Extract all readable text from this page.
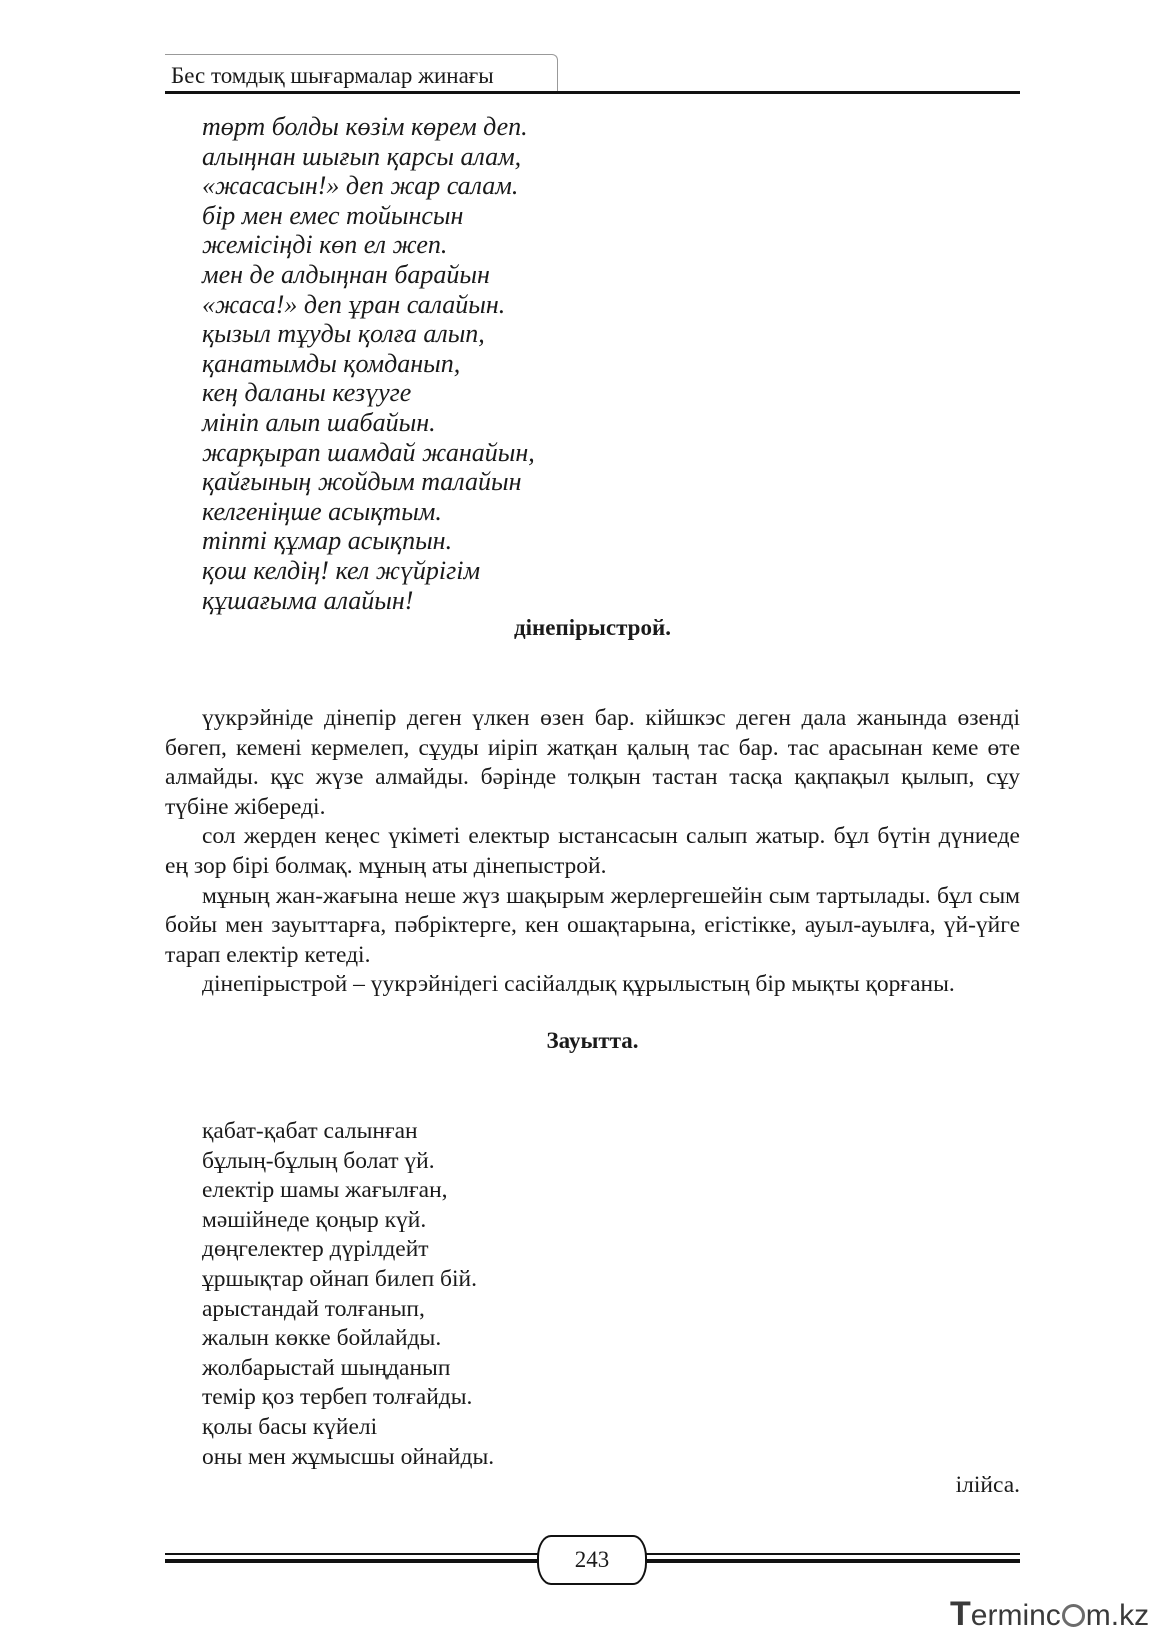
Бес томдық шығармалар жинағы
төрт болды көзім көрем деп.
алыңнан шығып қарсы алам,
«жасасын!» деп жар салам.
бір мен емес тойынсын
жемісіңді көп ел жеп.
мен де алдыңнан барайын
«жаса!» деп ұран салайын.
қызыл тұуды қолға алып,
қанатымды қомданып,
кең даланы кезүуге
мініп алып шабайын.
жарқырап шамдай жанайын,
қайғының жойдым талайын
келгеніңше асықтым.
тіпті құмар асықпын.
қош келдің! кел жүйрігім
құшағыма алайын!
дінепірыстрой.

үукрэйніде дінепір деген үлкен өзен бар. кійшкэс деген дала жанында өзенді бөгеп, кемені кермелеп, сұуды иіріп жатқан қалың тас бар. тас арасынан кеме өте алмайды. құс жүзе алмайды. бәрінде толқын тастан тасқа қақпақыл қылып, сұу түбіне жібереді.

сол жерден кеңес үкіметі електыр ыстансасын салып жатыр. бұл бүтін дүниеде ең зор бірі болмақ. мұның аты дінепыстрой.

мұның жан-жағына неше жүз шақырым жерлергешейін сым тартылады. бұл сым бойы мен зауыттарға, пәбріктерге, кен ошақтарына, егістікке, ауыл-ауылға, үй-үйге тарап електір кетеді.

дінепірыстрой – үукрэйнідегі сасійалдық құрылыстың бір мықты қорғаны.

Зауытта.
қабат-қабат салынған
бұлың-бұлың болат үй.
електір шамы жағылған,
мәшійнеде қоңыр күй.
дөңгелектер дүрілдейт
ұршықтар ойнап билеп бій.
арыстандай толғанып,
жалын көкке бойлайды.
жолбарыстай шыңданып
темір қоз тербеп толғайды.
қолы басы күйелі
оны мен жұмысшы ойнайды.
ілійса.
243
Terminc m.kz
